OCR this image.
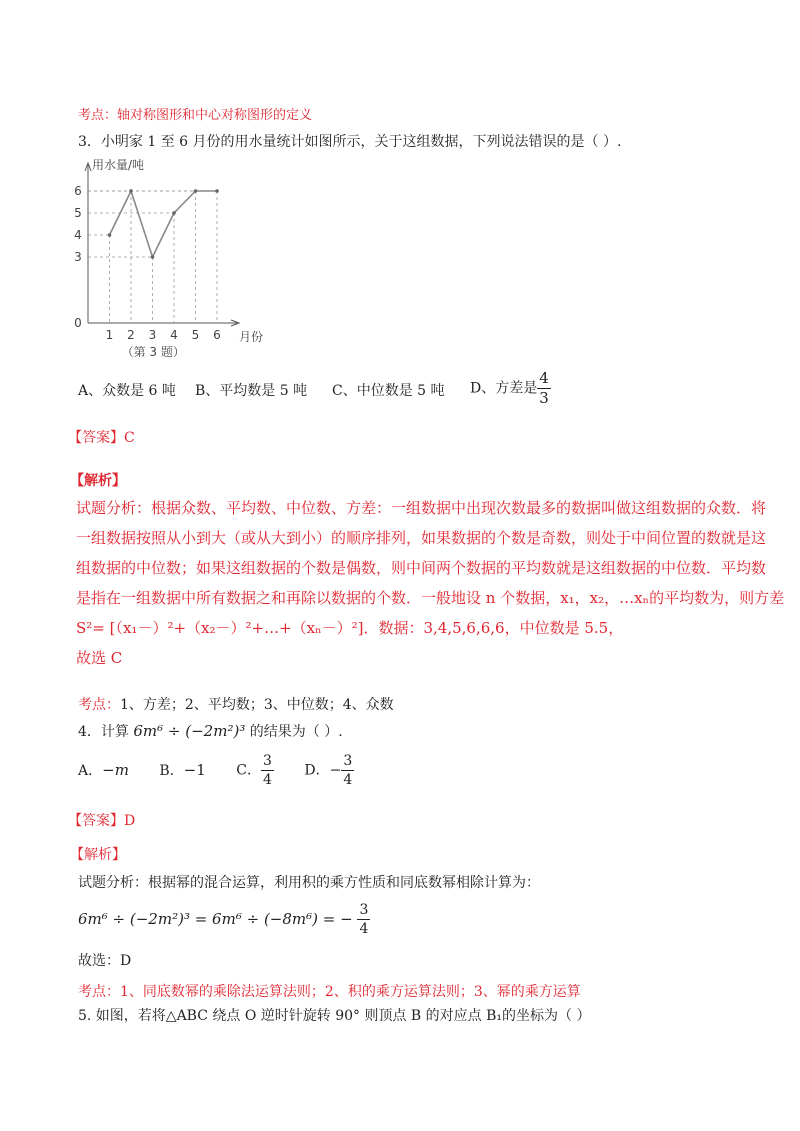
考点：轴对称图形和中心对称图形的定义
3．小明家 1 至 6 月份的用水量统计如图所示，关于这组数据，下列说法错误的是（ ）.
用水量/吨
月份
0
3
4
5
6
1 2 3 4 5 6
（第 3 题）
A、众数是 6 吨 B、平均数是 5 吨 C、中位数是 5 吨 D、方差是 $\frac{4}{3}$
【答案】C
【解析】
试题分析：根据众数、平均数、中位数、方差：一组数据中出现次数最多的数据叫做这组数据的众数．将
一组数据按照从小到大（或从大到小）的顺序排列，如果数据的个数是奇数，则处于中间位置的数就是这
组数据的中位数；如果这组数据的个数是偶数，则中间两个数据的平均数就是这组数据的中位数．平均数
是指在一组数据中所有数据之和再除以数据的个数．一般地设 n 个数据，x₁，x₂，…xₙ的平均数为，则方差
S²= [（x₁－）²+（x₂－）²+…+（xₙ－）²]．数据：3,4,5,6,6,6，中位数是 5.5，
故选 C
考点：1、方差；2、平均数；3、中位数；4、众数
4．计算 6m⁶ ÷ (−2m²)³ 的结果为（ ）.
A．−m B．−1 C． $\frac{3}{4}$ D．− $\frac{3}{4}$
【答案】D
【解析】
试题分析：根据幂的混合运算，利用积的乘方性质和同底数幂相除计算为：
6m⁶ ÷ (−2m²)³ = 6m⁶ ÷ (−8m⁶) = − $\frac{3}{4}$
故选：D
考点：1、同底数幂的乘除法运算法则；2、积的乘方运算法则；3、幂的乘方运算
5. 如图，若将△ABC 绕点 O 逆时针旋转 90° 则顶点 B 的对应点 B₁的坐标为（ ）
